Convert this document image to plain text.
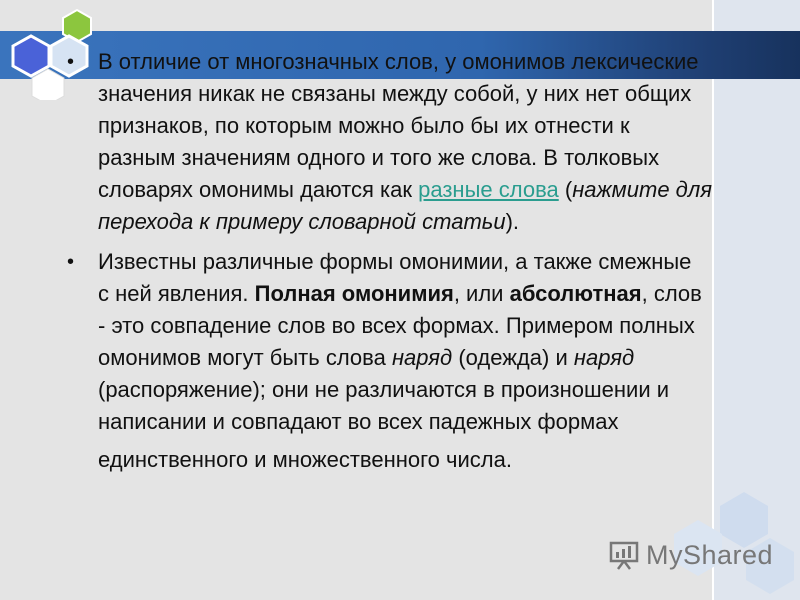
• В отличие от многозначных слов, у омонимов лексические значения никак не связаны между собой, у них нет общих признаков, по которым можно было бы их отнести к разным значениям одного и того же слова. В толковых словарях омонимы даются как разные слова (нажмите для перехода к примеру словарной статьи).
• Известны различные формы омонимии, а также смежные с ней явления. Полная омонимия, или абсолютная, слов - это совпадение слов во всех формах. Примером полных омонимов могут быть слова наряд (одежда) и наряд (распоряжение); они не различаются в произношении и написании и совпадают во всех падежных формах
единственного и множественного числа.
MyShared
